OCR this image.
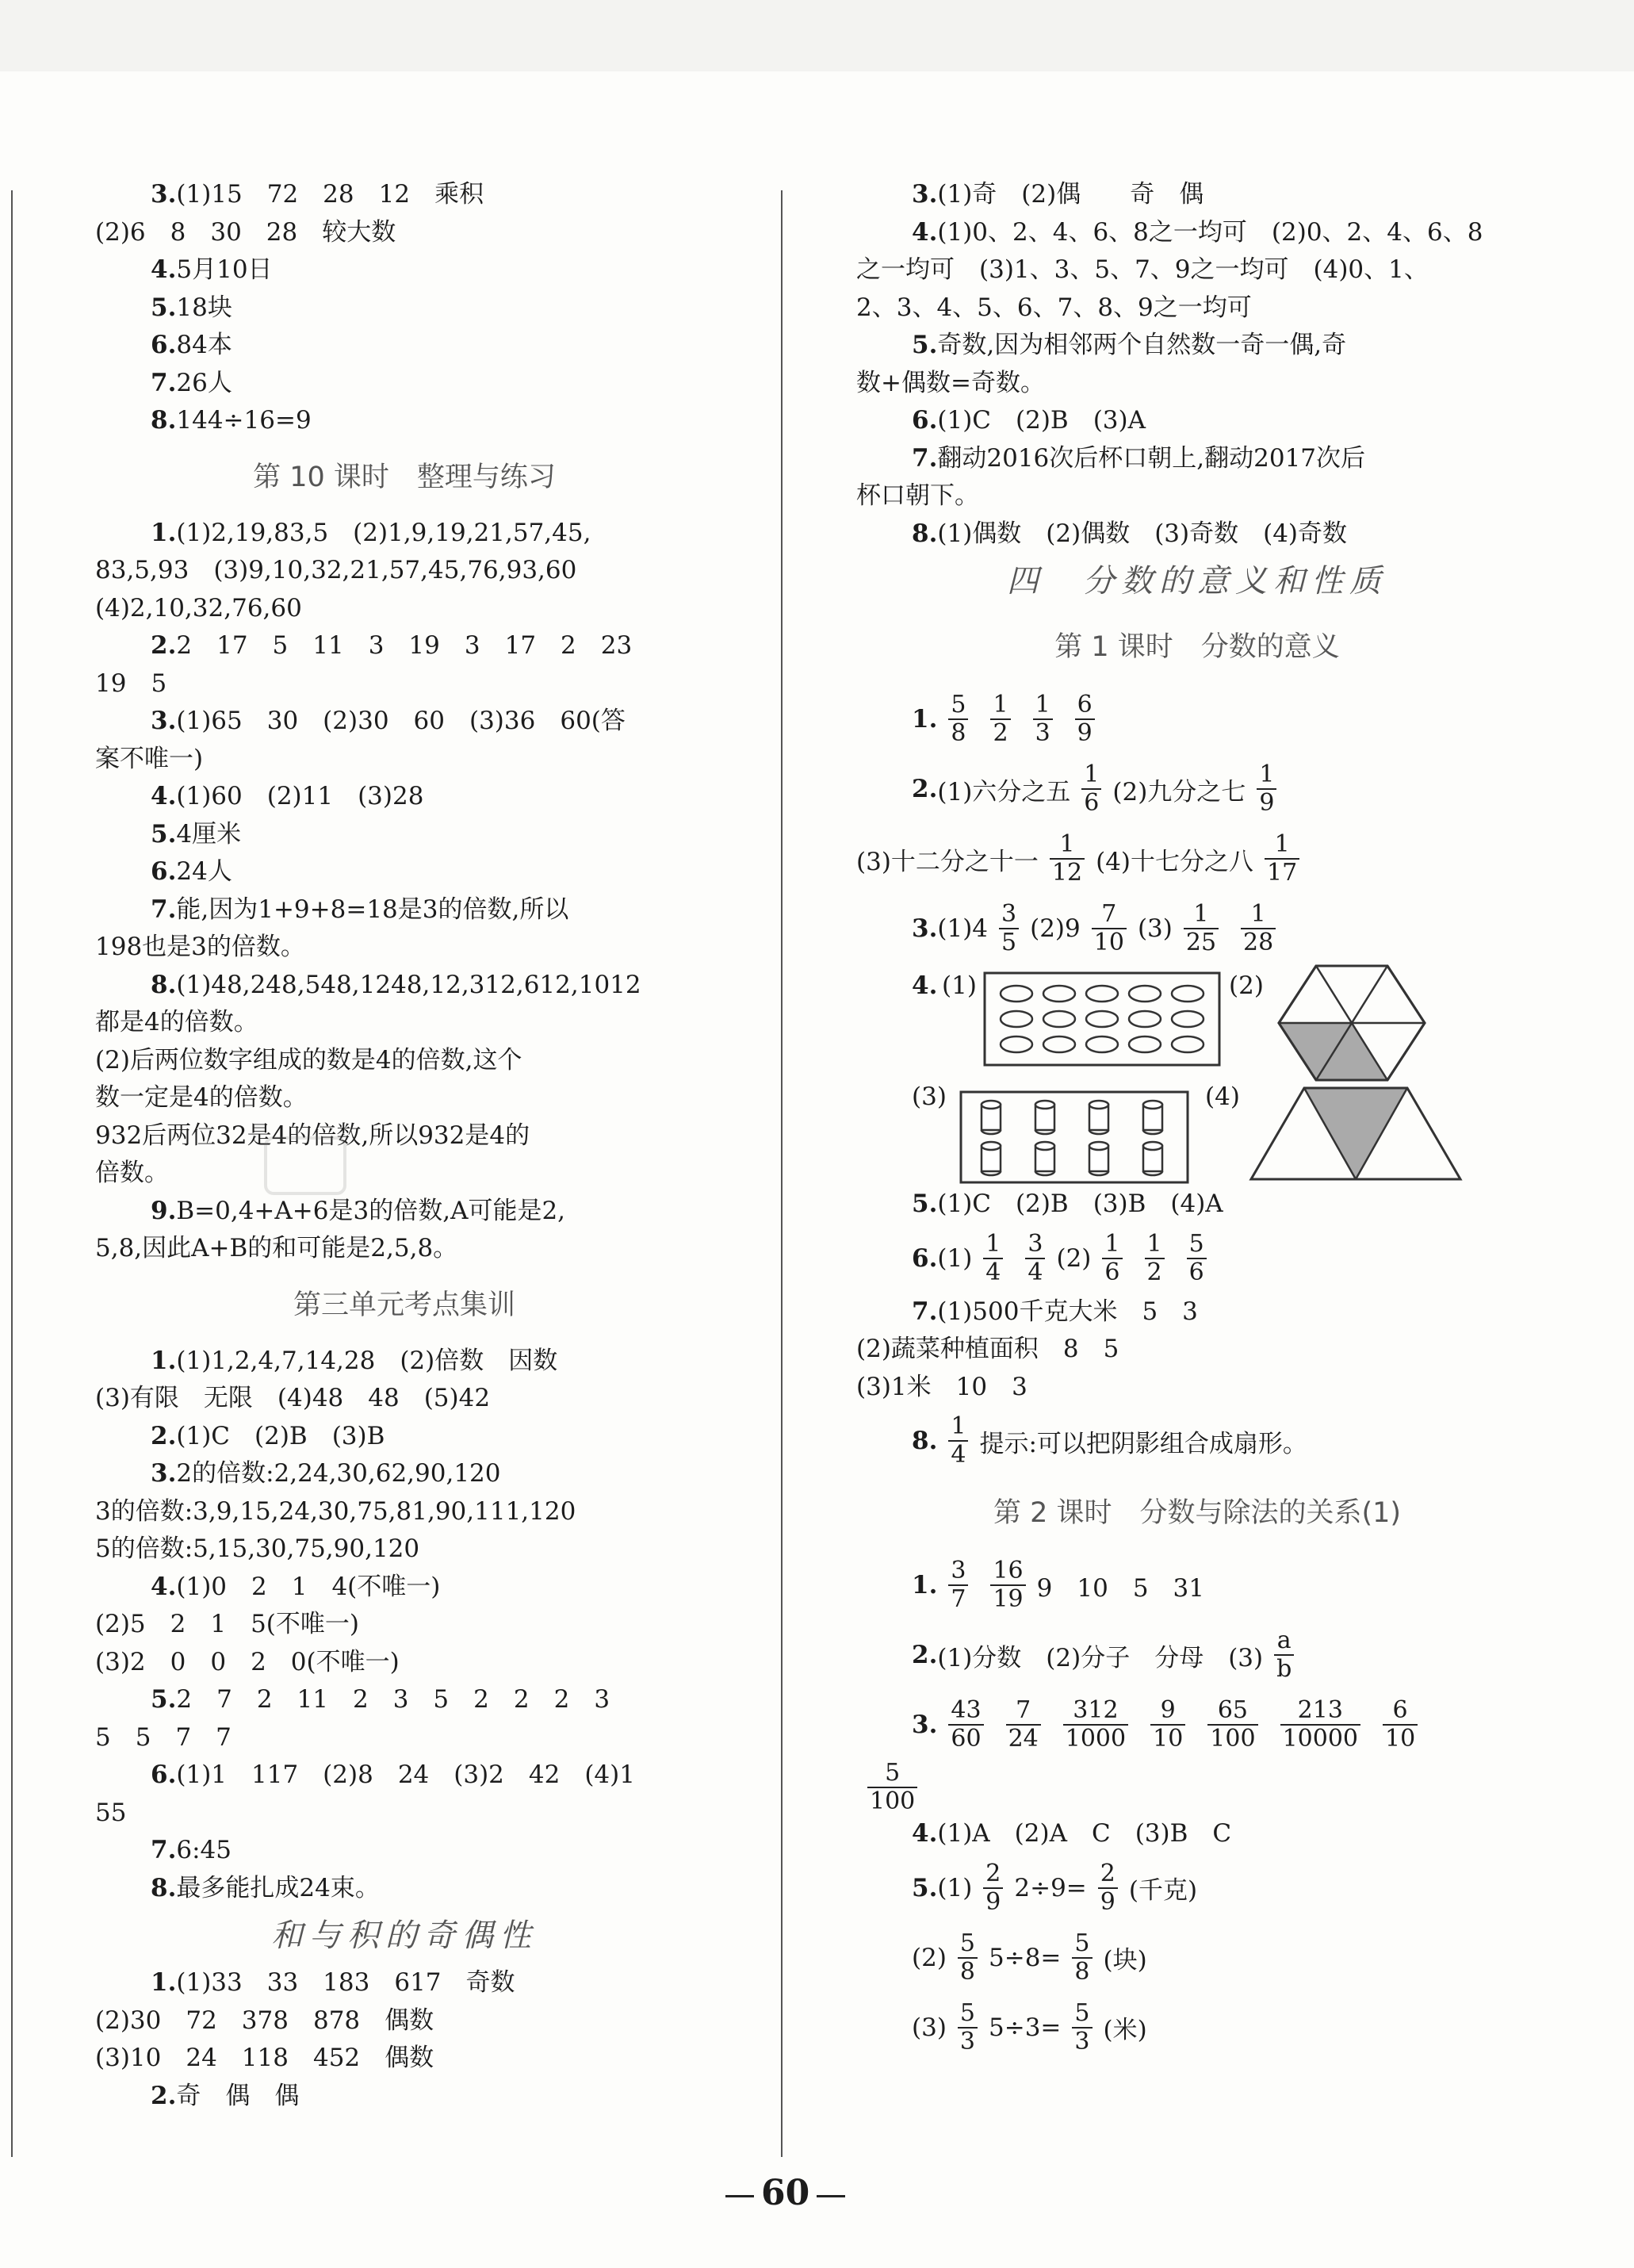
3.(1)15　72　28　12　乘积
(2)6　8　30　28　较大数
4.5月10日
5.18块
6.84本
7.26人
8.144÷16=9
第 10 课时　整理与练习
1.(1)2,19,83,5　(2)1,9,19,21,57,45,
83,5,93　(3)9,10,32,21,57,45,76,93,60
(4)2,10,32,76,60
2.2　17　5　11　3　19　3　17　2　23
19　5
3.(1)65　30　(2)30　60　(3)36　60(答
案不唯一)
4.(1)60　(2)11　(3)28
5.4厘米
6.24人
7.能,因为1+9+8=18是3的倍数,所以
198也是3的倍数。
8.(1)48,248,548,1248,12,312,612,1012
都是4的倍数。
(2)后两位数字组成的数是4的倍数,这个
数一定是4的倍数。
932后两位32是4的倍数,所以932是4的
倍数。
9.B=0,4+A+6是3的倍数,A可能是2,
5,8,因此A+B的和可能是2,5,8。
第三单元考点集训
1.(1)1,2,4,7,14,28　(2)倍数　因数
(3)有限　无限　(4)48　48　(5)42
2.(1)C　(2)B　(3)B
3.2的倍数:2,24,30,62,90,120
3的倍数:3,9,15,24,30,75,81,90,111,120
5的倍数:5,15,30,75,90,120
4.(1)0　2　1　4(不唯一)
(2)5　2　1　5(不唯一)
(3)2　0　0　2　0(不唯一)
5.2　7　2　11　2　3　5　2　2　2　3
5　5　7　7
6.(1)1　117　(2)8　24　(3)2　42　(4)1
55
7.6:45
8.最多能扎成24束。
和与积的奇偶性
1.(1)33　33　183　617　奇数
(2)30　72　378　878　偶数
(3)10　24　118　452　偶数
2.奇　偶　偶
3.(1)奇　(2)偶　　奇　偶
4.(1)0、2、4、6、8之一均可　(2)0、2、4、6、8
之一均可　(3)1、3、5、7、9之一均可　(4)0、1、
2、3、4、5、6、7、8、9之一均可
5.奇数,因为相邻两个自然数一奇一偶,奇
数+偶数=奇数。
6.(1)C　(2)B　(3)A
7.翻动2016次后杯口朝上,翻动2017次后
杯口朝下。
8.(1)偶数　(2)偶数　(3)奇数　(4)奇数
四　分数的意义和性质
第 1 课时　分数的意义
1. $\frac{5}{8} \frac{1}{2} \frac{1}{3} \frac{6}{9}$
2. (1)六分之五 $\frac{1}{6} (2)$九分之七 $\frac{1}{9}$
(3)十二分之十一 $\frac{1}{12} (4)$十七分之八 $\frac{1}{17}$
3. $(1)4 \frac{3}{5} (2)9 \frac{7}{10} (3) \frac{1}{25} \frac{1}{28}$
4. (1)	(2)
(3)	(4)
5.(1)C　(2)B　(3)B　(4)A
6. $(1) \frac{1}{4} \frac{3}{4} (2) \frac{1}{6} \frac{1}{2} \frac{5}{6}$
7.(1)500千克大米　5　3
(2)蔬菜种植面积　8　5
(3)1米　10　3
8. $\frac{1}{4}$ 提示:可以把阴影组合成扇形。
第 2 课时　分数与除法的关系(1)
1. $\frac{3}{7} \frac{16}{19} 9$　10　5　31
2. (1)分数　(2)分子　分母　$(3) \frac{a}{b}$
3. $\frac{43}{60} \frac{7}{24} \frac{312}{1000} \frac{9}{10} \frac{65}{100} \frac{213}{10000} \frac{6}{10}$
$\frac{5}{100}$
4.(1)A　(2)A　C　(3)B　C
5. $(1) \frac{2}{9} 2\div 9= \frac{2}{9}$ (千克)
$(2) \frac{5}{8} 5\div 8= \frac{5}{8}$ (块)
$(3) \frac{5}{3} 5\div 3= \frac{5}{3}$ (米)
60
